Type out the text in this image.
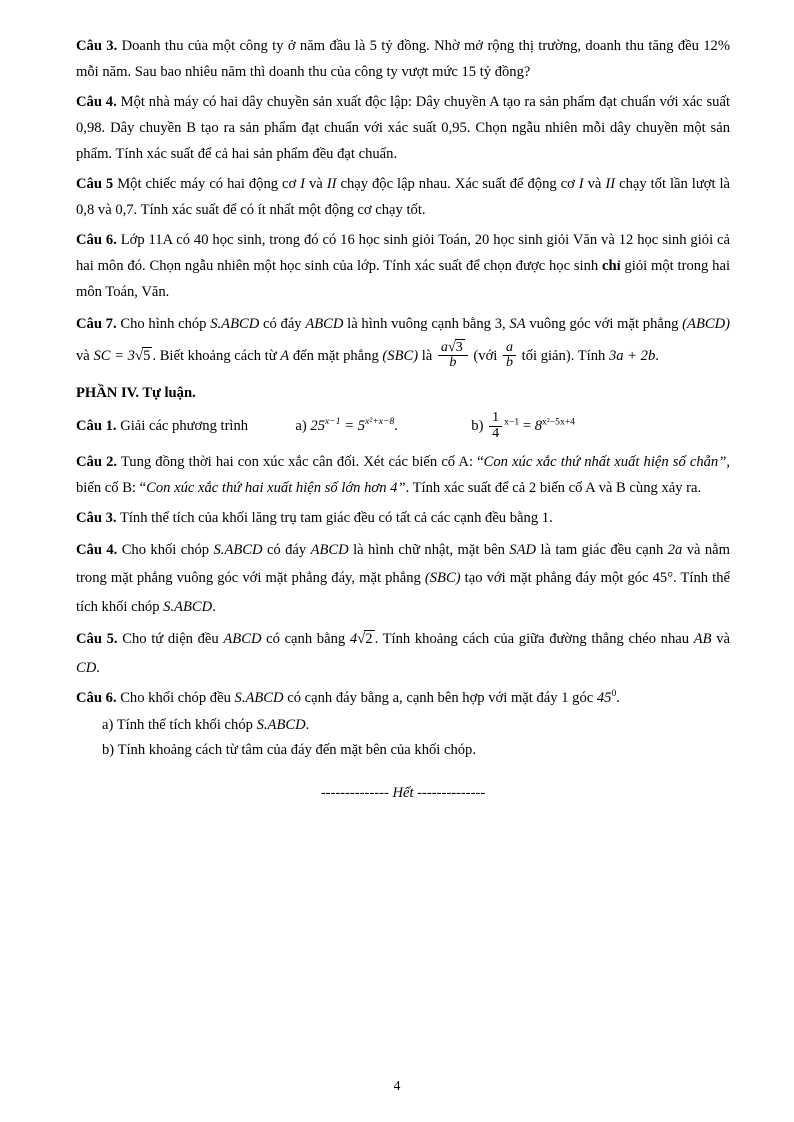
Câu 3. Doanh thu của một công ty ở năm đầu là 5 tỷ đồng. Nhờ mở rộng thị trường, doanh thu tăng đều 12% mỗi năm. Sau bao nhiêu năm thì doanh thu của công ty vượt mức 15 tỷ đồng?

Câu 4. Một nhà máy có hai dây chuyền sản xuất độc lập: Dây chuyền A tạo ra sản phẩm đạt chuẩn với xác suất 0,98. Dây chuyền B tạo ra sản phẩm đạt chuẩn với xác suất 0,95. Chọn ngẫu nhiên mỗi dây chuyền một sản phẩm. Tính xác suất để cả hai sản phẩm đều đạt chuẩn.

Câu 5 Một chiếc máy có hai động cơ I và II chạy độc lập nhau. Xác suất để động cơ I và II chạy tốt lần lượt là 0,8 và 0,7. Tính xác suất để có ít nhất một động cơ chạy tốt.

Câu 6. Lớp 11A có 40 học sinh, trong đó có 16 học sinh giỏi Toán, 20 học sinh giỏi Văn và 12 học sinh giỏi cả hai môn đó. Chọn ngẫu nhiên một học sinh của lớp. Tính xác suất để chọn được học sinh chỉ giỏi một trong hai môn Toán, Văn.

Câu 7. Cho hình chóp S.ABCD có đáy ABCD là hình vuông cạnh bằng 3, SA vuông góc với mặt phẳng (ABCD) và SC = 3√5 . Biết khoảng cách từ A đến mặt phẳng (SBC) là $\frac{a√3}{b}$ (với $\frac{a}{b}$ tối giản). Tính 3a + 2b.

PHẦN IV. Tự luận.

Câu 1. Giải các phương trình	a) $25^{x-1} = 5^{x^2+x-8}$.	$b) \frac{1}{4} ^{x-1} = 8^{x^2-5x+4}$

Câu 2. Tung đồng thời hai con xúc xắc cân đối. Xét các biến cố A: “Con xúc xắc thứ nhất xuất hiện số chẵn”, biến cố B: “Con xúc xắc thứ hai xuất hiện số lớn hơn 4”. Tính xác suất để cả 2 biến cố A và B cùng xảy ra.

Câu 3. Tính thể tích của khối lăng trụ tam giác đều có tất cả các cạnh đều bằng 1.

Câu 4. Cho khối chóp S.ABCD có đáy ABCD là hình chữ nhật, mặt bên SAD là tam giác đều cạnh 2a và nằm trong mặt phẳng vuông góc với mặt phẳng đáy, mặt phẳng (SBC) tạo với mặt phẳng đáy một góc 45°. Tính thể tích khối chóp S.ABCD.

Câu 5. Cho tứ diện đều ABCD có cạnh bằng 4√2 . Tính khoảng cách của giữa đường thẳng chéo nhau AB và CD.

Câu 6. Cho khối chóp đều S.ABCD có cạnh đáy bằng a, cạnh bên hợp với mặt đáy 1 góc $45^0$.

a) Tính thể tích khối chóp S.ABCD.

b) Tính khoảng cách từ tâm của đáy đến mặt bên của khối chóp.

-------------- Hết --------------

4
